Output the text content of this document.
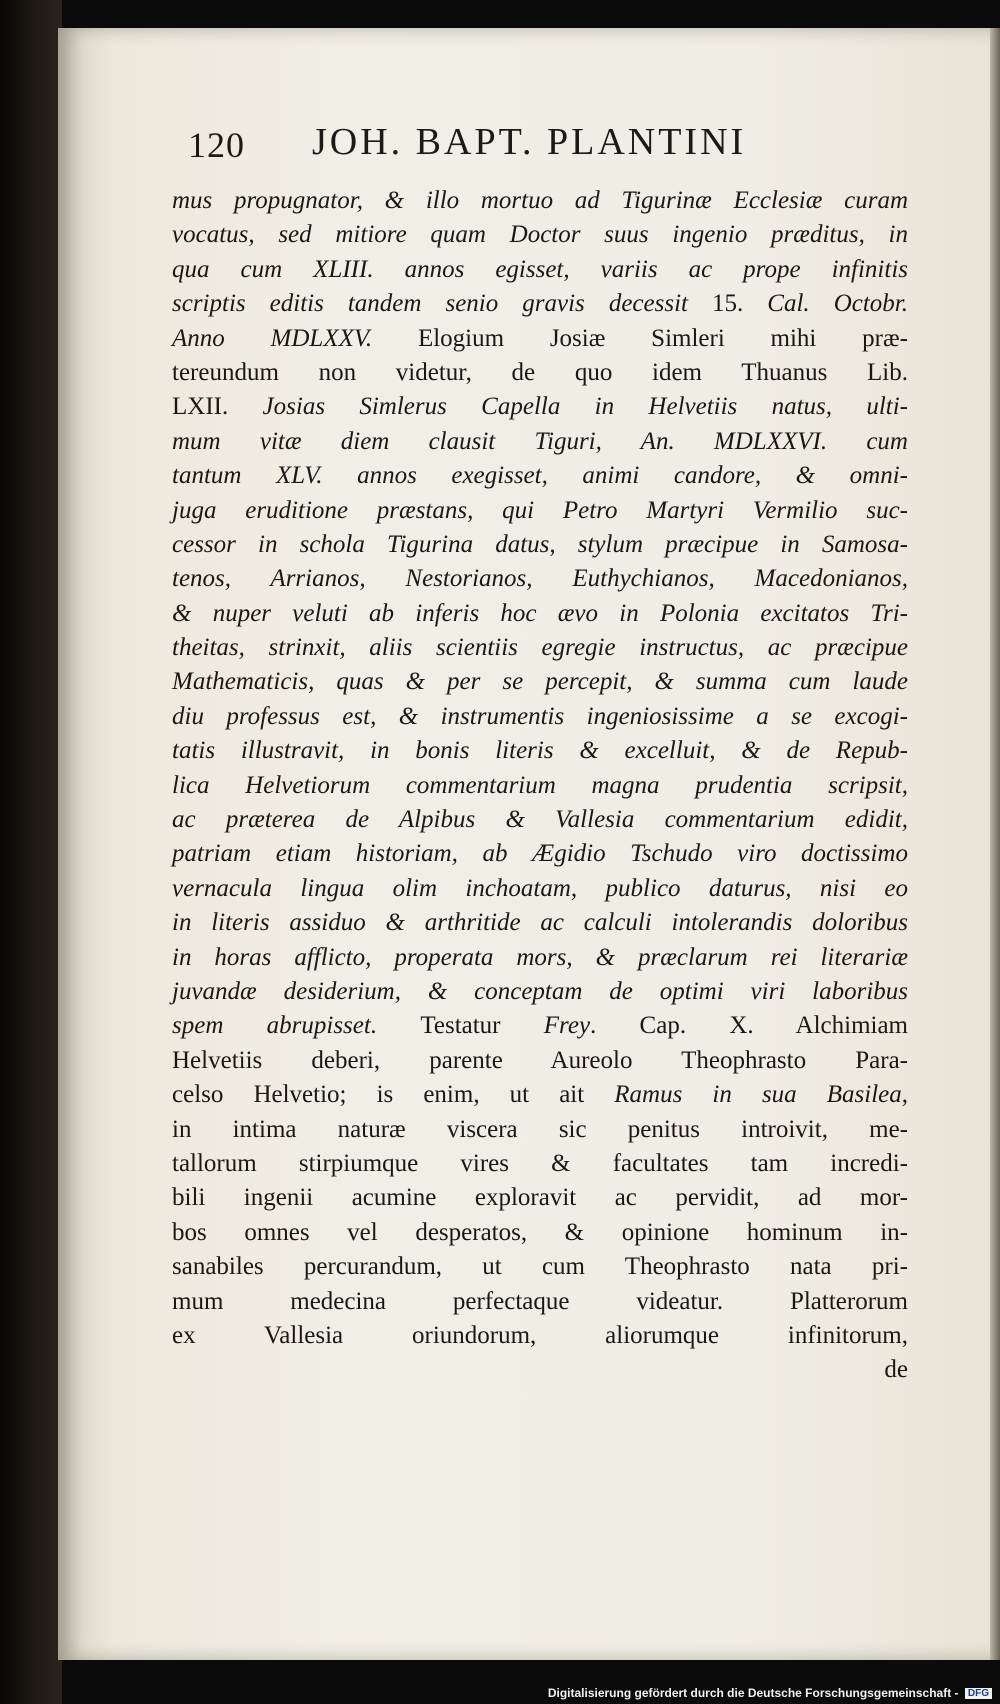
120 JOH. BAPT. PLANTINI
mus propugnator, & illo mortuo ad Tigurinæ Ecclesiæ curam
vocatus, sed mitiore quam Doctor suus ingenio præditus, in
qua cum XLIII. annos egisset, variis ac prope infinitis
scriptis editis tandem senio gravis decessit 15. Cal. Octobr.
Anno MDLXXV. Elogium Josiæ Simleri mihi præ-
tereundum non videtur, de quo idem Thuanus Lib.
LXII. Josias Simlerus Capella in Helvetiis natus, ulti-
mum vitæ diem clausit Tiguri, An. MDLXXVI. cum
tantum XLV. annos exegisset, animi candore, & omni-
juga eruditione præstans, qui Petro Martyri Vermilio suc-
cessor in schola Tigurina datus, stylum præcipue in Samosa-
tenos, Arrianos, Nestorianos, Euthychianos, Macedonianos,
& nuper veluti ab inferis hoc ævo in Polonia excitatos Tri-
theitas, strinxit, aliis scientiis egregie instructus, ac præcipue
Mathematicis, quas & per se percepit, & summa cum laude
diu professus est, & instrumentis ingeniosissime a se excogi-
tatis illustravit, in bonis literis & excelluit, & de Repub-
lica Helvetiorum commentarium magna prudentia scripsit,
ac præterea de Alpibus & Vallesia commentarium edidit,
patriam etiam historiam, ab Ægidio Tschudo viro doctissimo
vernacula lingua olim inchoatam, publico daturus, nisi eo
in literis assiduo & arthritide ac calculi intolerandis doloribus
in horas afflicto, properata mors, & præclarum rei literariæ
juvandæ desiderium, & conceptam de optimi viri laboribus
spem abrupisset. Testatur Frey. Cap. X. Alchimiam
Helvetiis deberi, parente Aureolo Theophrasto Para-
celso Helvetio; is enim, ut ait Ramus in sua Basilea,
in intima naturæ viscera sic penitus introivit, me-
tallorum stirpiumque vires & facultates tam incredi-
bili ingenii acumine exploravit ac pervidit, ad mor-
bos omnes vel desperatos, & opinione hominum in-
sanabiles percurandum, ut cum Theophrasto nata pri-
mum medecina perfectaque videatur. Platterorum
ex Vallesia oriundorum, aliorumque infinitorum,
de
Digitalisierung gefördert durch die Deutsche Forschungsgemeinschaft - DFG
